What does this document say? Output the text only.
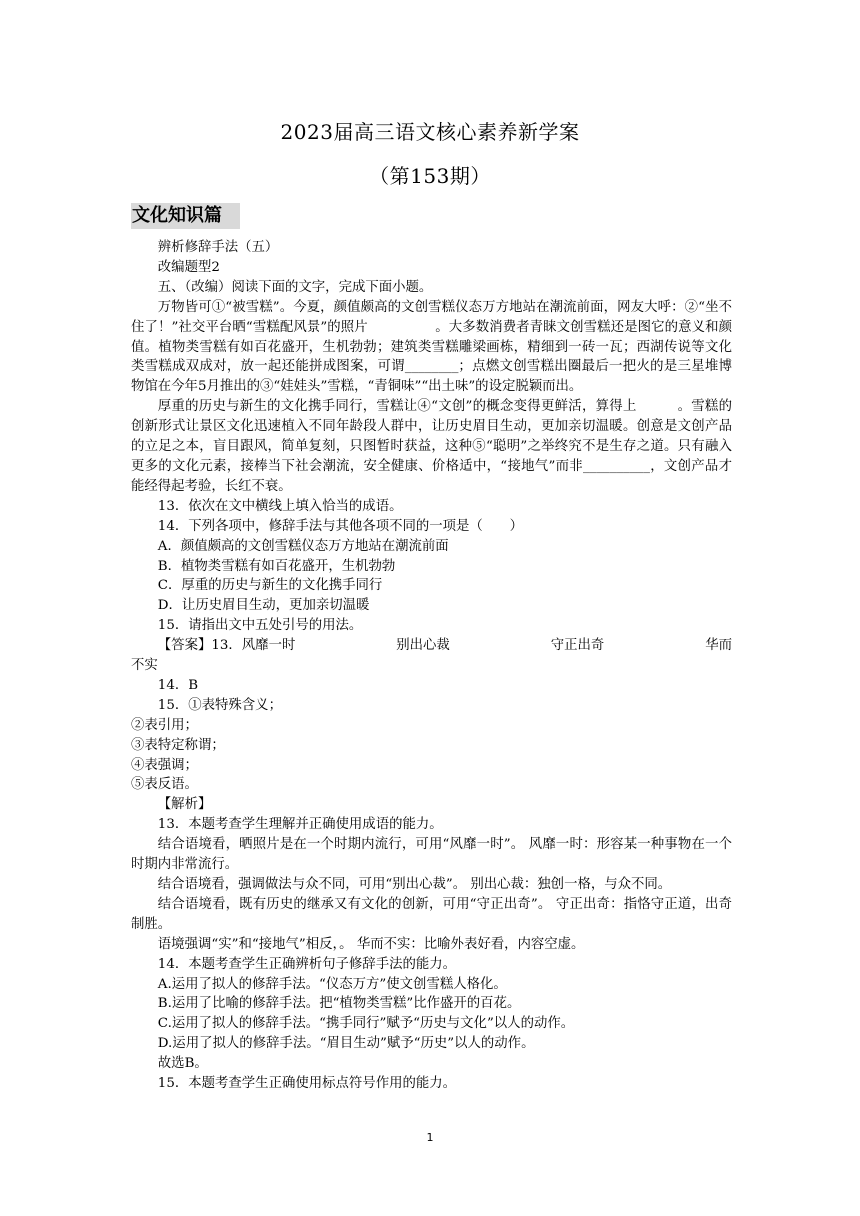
2023届高三语文核心素养新学案
（第153期）
文化知识篇

辨析修辞手法（五）

改编题型2

五、（改编）阅读下面的文字，完成下面小题。

万物皆可①“被雪糕”。今夏，颜值颇高的文创雪糕仪态万方地站在潮流前面，网友大呼：②“坐不住了！”社交平台晒“雪糕配风景”的照片　　　　　。大多数消费者青睐文创雪糕还是图它的意义和颜值。植物类雪糕有如百花盛开，生机勃勃；建筑类雪糕雕梁画栋，精细到一砖一瓦；西湖传说等文化类雪糕成双成对，放一起还能拼成图案，可谓________；点燃文创雪糕出圈最后一把火的是三星堆博物馆在今年5月推出的③“娃娃头”雪糕，“青铜味”“出土味”的设定脱颖而出。

厚重的历史与新生的文化携手同行，雪糕让④“文创”的概念变得更鲜活，算得上　　　。雪糕的创新形式让景区文化迅速植入不同年龄段人群中，让历史眉目生动，更加亲切温暖。创意是文创产品的立足之本，盲目跟风，简单复刻，只图暂时获益，这种⑤“聪明”之举终究不是生存之道。只有融入更多的文化元素，接棒当下社会潮流，安全健康、价格适中，“接地气”而非__________，文创产品才能经得起考验，长红不衰。

13．依次在文中横线上填入恰当的成语。

14．下列各项中，修辞手法与其他各项不同的一项是（　　）

A．颜值颇高的文创雪糕仪态万方地站在潮流前面

B．植物类雪糕有如百花盛开，生机勃勃

C．厚重的历史与新生的文化携手同行

D．让历史眉目生动，更加亲切温暖

15．请指出文中五处引号的用法。

【答案】13．风靡一时	别出心裁	守正出奇	华而

不实

14．B

15．①表特殊含义；

②表引用；

③表特定称谓；

④表强调；

⑤表反语。

【解析】

13．本题考查学生理解并正确使用成语的能力。

结合语境看，晒照片是在一个时期内流行，可用“风靡一时”。 风靡一时：形容某一种事物在一个时期内非常流行。

结合语境看，强调做法与众不同，可用“别出心裁”。 别出心裁：独创一格，与众不同。

结合语境看，既有历史的继承又有文化的创新，可用“守正出奇”。 守正出奇：指恪守正道，出奇制胜。

语境强调“实”和“接地气”相反，。 华而不实：比喻外表好看，内容空虚。

14．本题考查学生正确辨析句子修辞手法的能力。

A.运用了拟人的修辞手法。“仪态万方”使文创雪糕人格化。

B.运用了比喻的修辞手法。把“植物类雪糕”比作盛开的百花。

C.运用了拟人的修辞手法。“携手同行”赋予“历史与文化”以人的动作。

D.运用了拟人的修辞手法。“眉目生动”赋予“历史”以人的动作。

故选B。

15．本题考查学生正确使用标点符号作用的能力。

1
